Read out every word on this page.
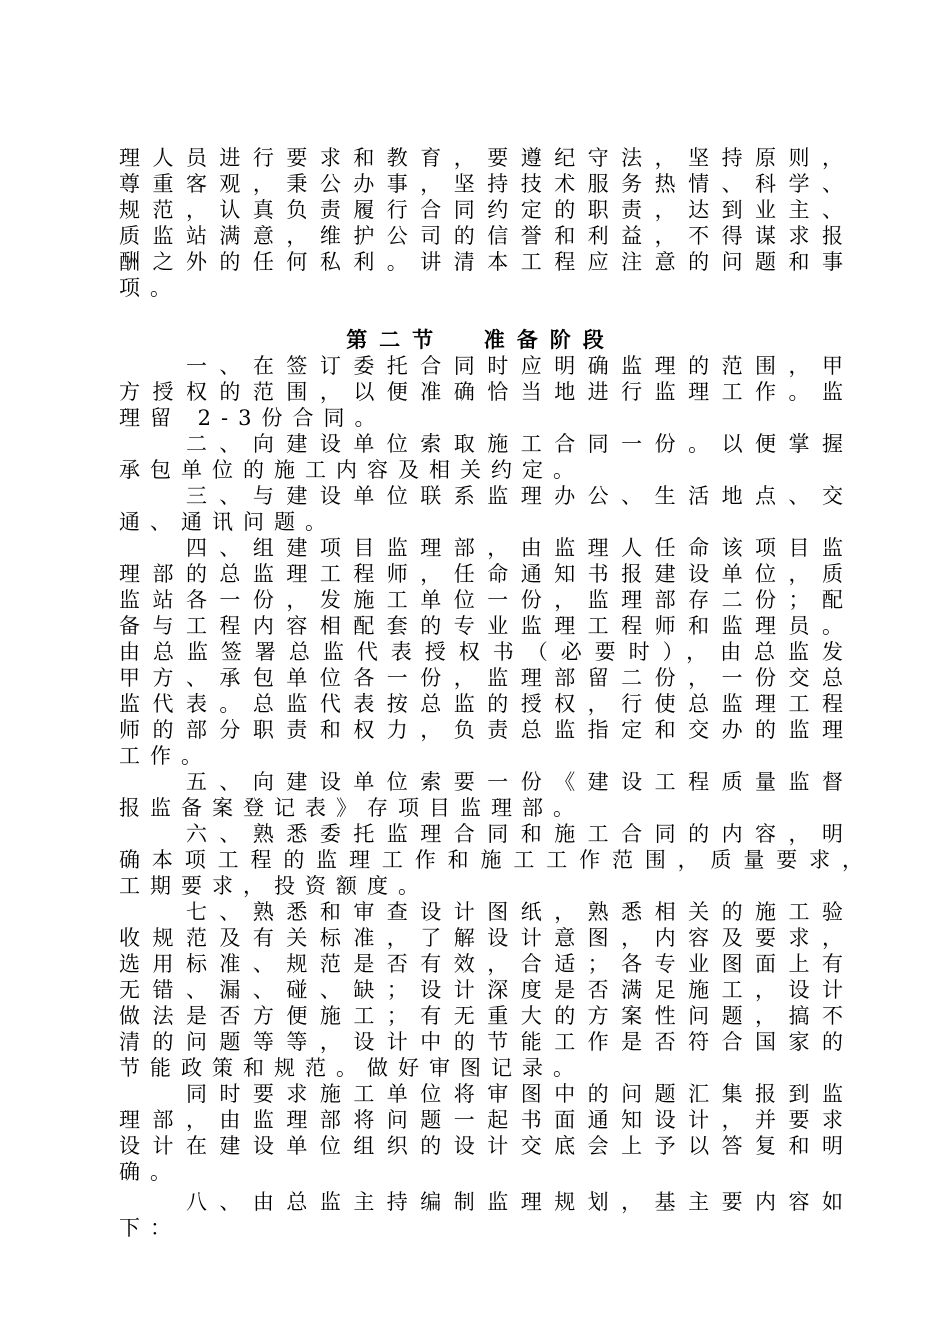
理人员进行要求和教育，要遵纪守法，坚持原则，
尊重客观，秉公办事，坚持技术服务热情、科学、
规范，认真负责履行合同约定的职责，达到业主、
质监站满意，维护公司的信誉和利益，不得谋求报
酬之外的任何私利。讲清本工程应注意的问题和事
项。
第二节  准备阶段
　　一、在签订委托合同时应明确监理的范围，甲
方授权的范围，以便准确恰当地进行监理工作。监
理留 2-3份合同。
　　二、向建设单位索取施工合同一份。以便掌握
承包单位的施工内容及相关约定。
　　三、与建设单位联系监理办公、生活地点、交
通、通讯问题。
　　四、组建项目监理部，由监理人任命该项目监
理部的总监理工程师，任命通知书报建设单位，质
监站各一份，发施工单位一份，监理部存二份；配
备与工程内容相配套的专业监理工程师和监理员。
由总监签署总监代表授权书（必要时），由总监发
甲方、承包单位各一份，监理部留二份，一份交总
监代表。总监代表按总监的授权，行使总监理工程
师的部分职责和权力，负责总监指定和交办的监理
工作。
　　五、向建设单位索要一份《建设工程质量监督
报监备案登记表》存项目监理部。
　　六、熟悉委托监理合同和施工合同的内容，明
确本项工程的监理工作和施工工作范围，质量要求，
工期要求，投资额度。
　　七、熟悉和审查设计图纸，熟悉相关的施工验
收规范及有关标准，了解设计意图，内容及要求，
选用标准、规范是否有效，合适；各专业图面上有
无错、漏、碰、缺；设计深度是否满足施工，设计
做法是否方便施工；有无重大的方案性问题，搞不
清的问题等等，设计中的节能工作是否符合国家的
节能政策和规范。做好审图记录。
　　同时要求施工单位将审图中的问题汇集报到监
理部，由监理部将问题一起书面通知设计，并要求
设计在建设单位组织的设计交底会上予以答复和明
确。
　　八、由总监主持编制监理规划，基主要内容如
下：
